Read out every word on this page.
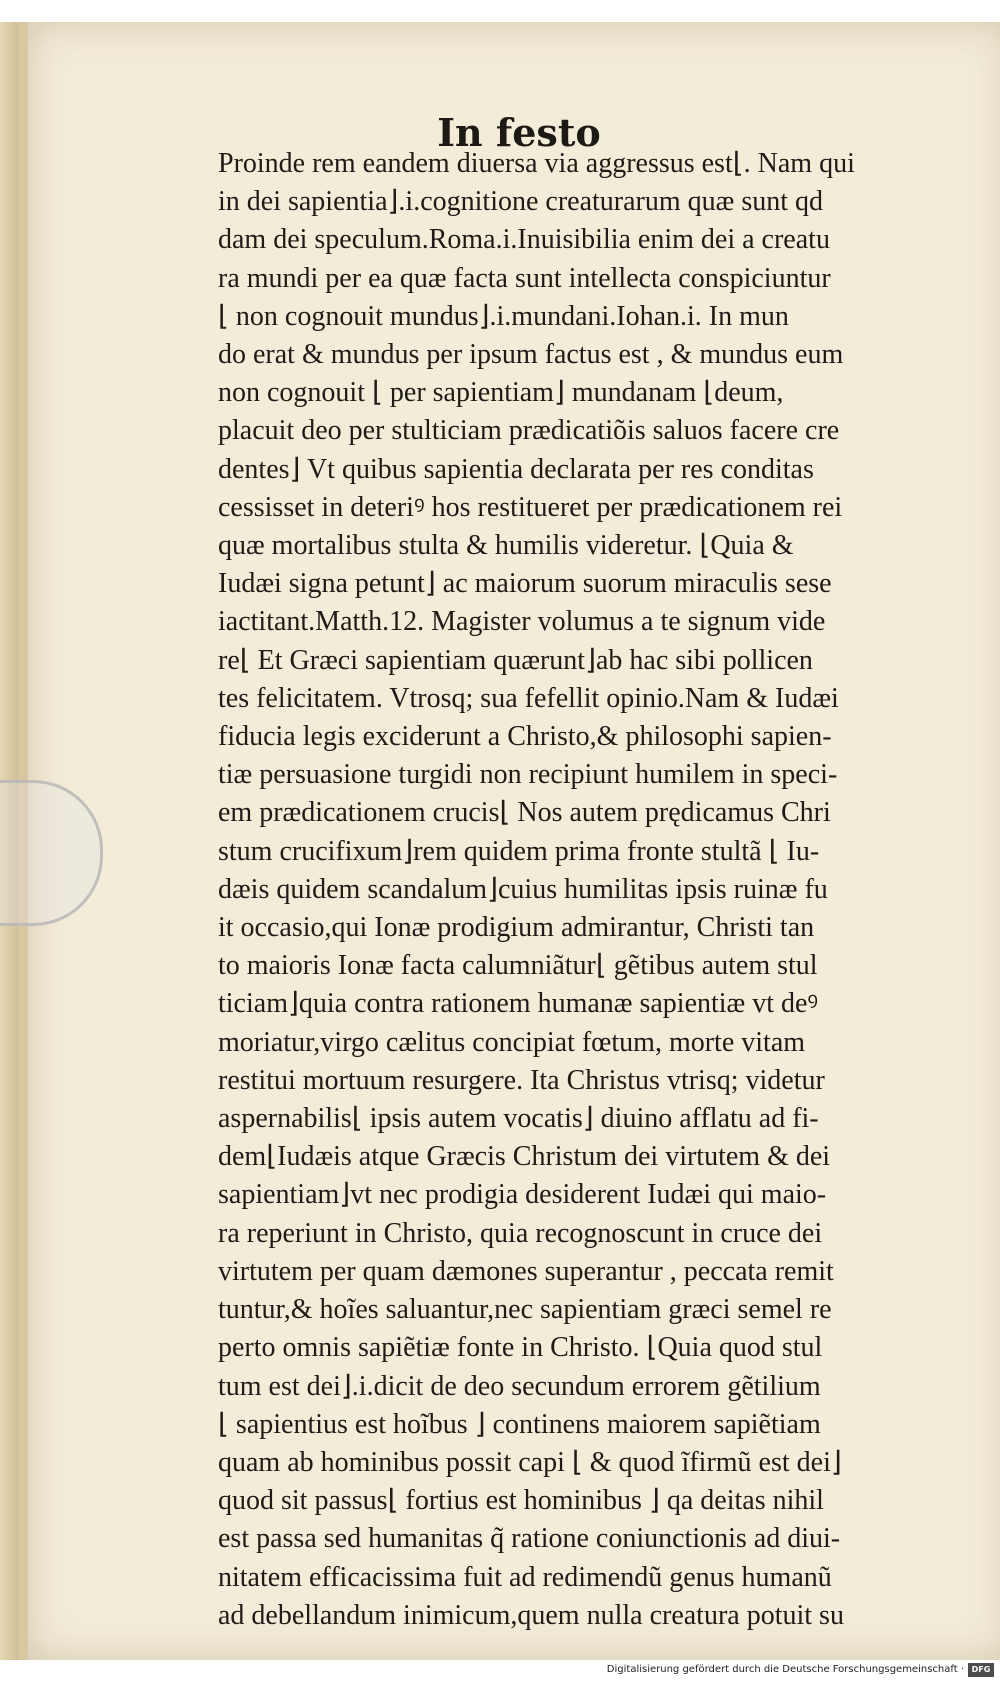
In festo
Proinde rem eandem diuersa via aggressus est⌊. Nam qui
in dei sapientia⌋.i.cognitione creaturarum quæ sunt qd
dam dei speculum.Roma.i.Inuisibilia enim dei a creatu
ra mundi per ea quæ facta sunt intellecta conspiciuntur
⌊ non cognouit mundus⌋.i.mundani.Iohan.i. In mun
do erat & mundus per ipsum factus est , & mundus eum
non cognouit ⌊ per sapientiam⌋ mundanam ⌊deum,
placuit deo per stulticiam prædicatiõis saluos facere cre
dentes⌋ Vt quibus sapientia declarata per res conditas
cessisset in deteriꝰ hos restitueret per prædicationem rei
quæ mortalibus stulta & humilis videretur. ⌊Quia &
Iudæi signa petunt⌋ ac maiorum suorum miraculis sese
iactitant.Matth.12. Magister volumus a te signum vide
re⌊ Et Græci sapientiam quærunt⌋ab hac sibi pollicen
tes felicitatem. Vtrosq; sua fefellit opinio.Nam & Iudæi
fiducia legis exciderunt a Christo,& philosophi sapien-
tiæ persuasione turgidi non recipiunt humilem in speci-
em prædicationem crucis⌊ Nos autem prędicamus Chri
stum crucifixum⌋rem quidem prima fronte stultã ⌊ Iu-
dæis quidem scandalum⌋cuius humilitas ipsis ruinæ fu
it occasio,qui Ionæ prodigium admirantur, Christi tan
to maioris Ionæ facta calumniãtur⌊ gẽtibus autem stul
ticiam⌋quia contra rationem humanæ sapientiæ vt deꝰ
moriatur,virgo cælitus concipiat fœtum, morte vitam
restitui mortuum resurgere. Ita Christus vtrisq; videtur
aspernabilis⌊ ipsis autem vocatis⌋ diuino afflatu ad fi-
dem⌊Iudæis atque Græcis Christum dei virtutem & dei
sapientiam⌋vt nec prodigia desiderent Iudæi qui maio-
ra reperiunt in Christo, quia recognoscunt in cruce dei
virtutem per quam dæmones superantur , peccata remit
tuntur,& hoĩes saluantur,nec sapientiam græci semel re
perto omnis sapiẽtiæ fonte in Christo. ⌊Quia quod stul
tum est dei⌋.i.dicit de deo secundum errorem gẽtilium
⌊ sapientius est hoĩbus ⌋ continens maiorem sapiẽtiam
quam ab hominibus possit capi ⌊ & quod ĩfirmũ est dei⌋
quod sit passus⌊ fortius est hominibus ⌋ qa deitas nihil
est passa sed humanitas q̃ ratione coniunctionis ad diui-
nitatem efficacissima fuit ad redimendũ genus humanũ
ad debellandum inimicum,quem nulla creatura potuit su
Digitalisierung gefördert durch die Deutsche Forschungsgemeinschaft · DFG
